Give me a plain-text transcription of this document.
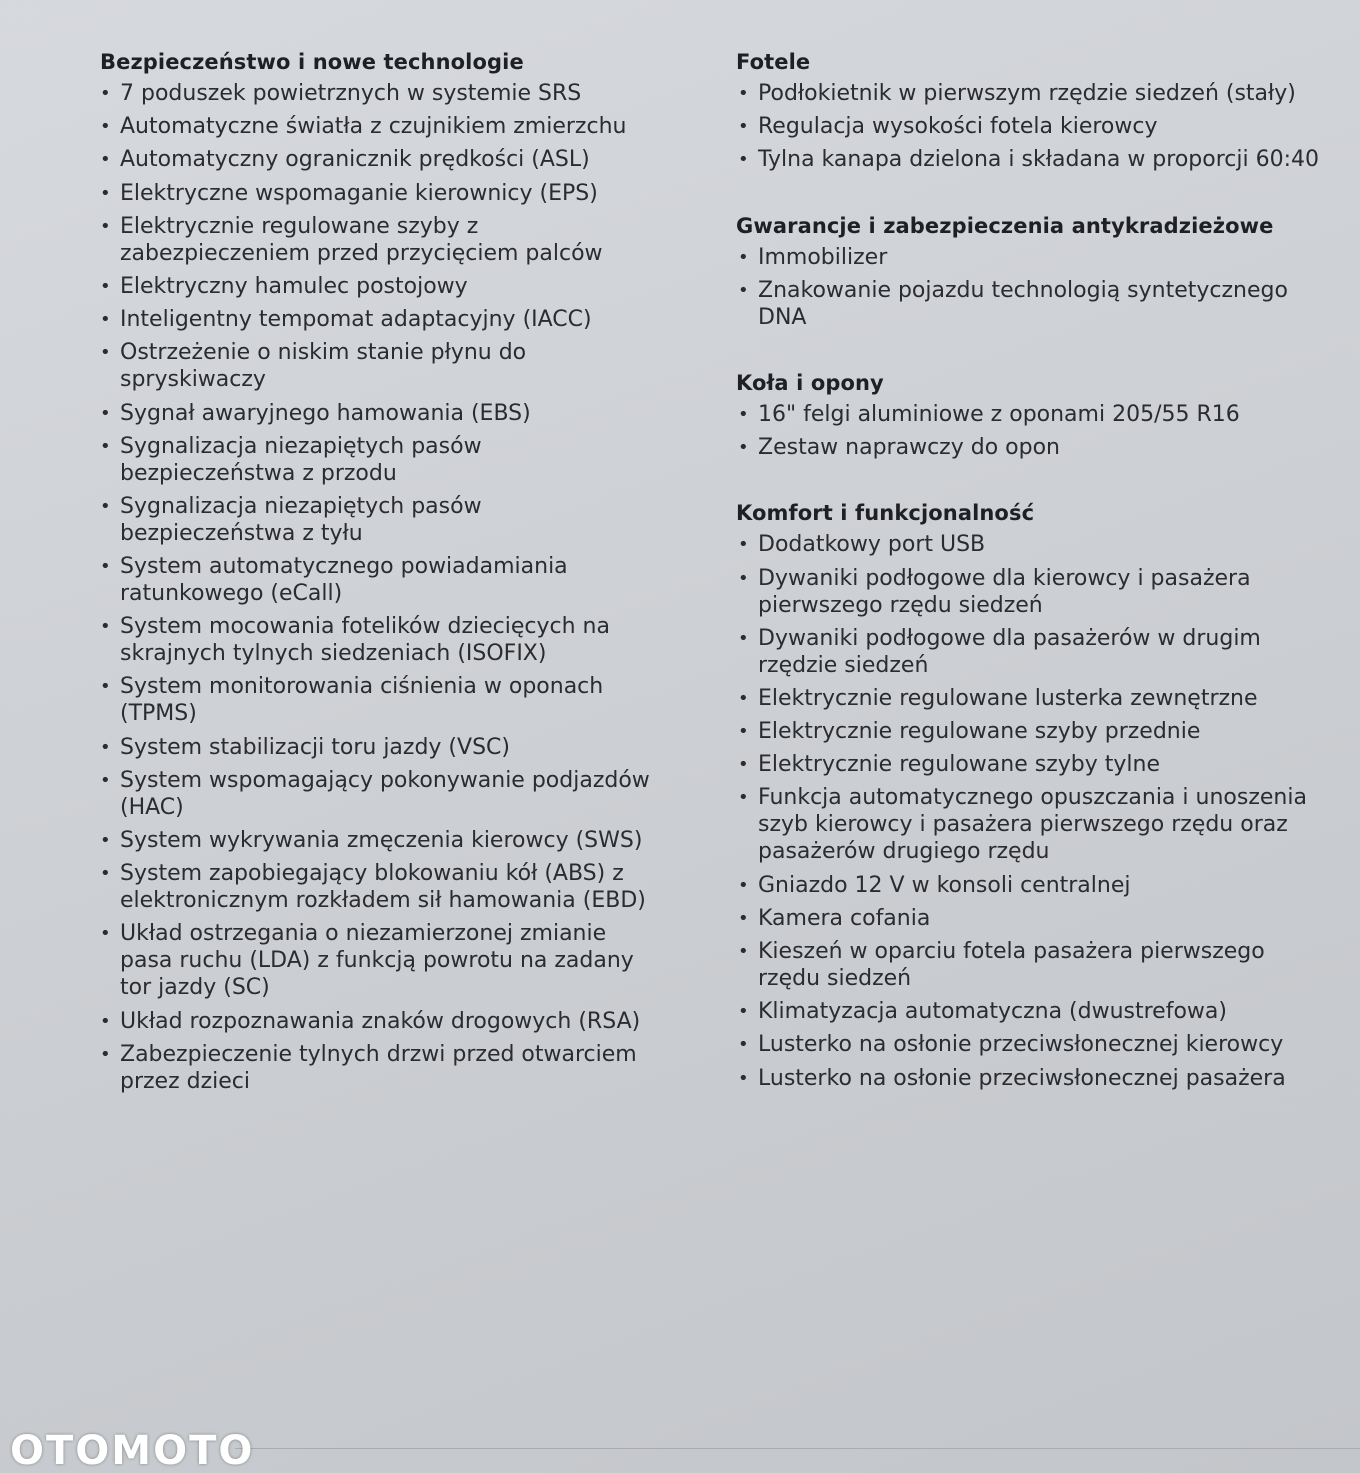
Bezpieczeństwo i nowe technologie
• 7 poduszek powietrznych w systemie SRS
• Automatyczne światła z czujnikiem zmierzchu
• Automatyczny ogranicznik prędkości (ASL)
• Elektryczne wspomaganie kierownicy (EPS)
• Elektrycznie regulowane szyby z zabezpieczeniem przed przycięciem palców
• Elektryczny hamulec postojowy
• Inteligentny tempomat adaptacyjny (IACC)
• Ostrzeżenie o niskim stanie płynu do spryskiwaczy
• Sygnał awaryjnego hamowania (EBS)
• Sygnalizacja niezapiętych pasów bezpieczeństwa z przodu
• Sygnalizacja niezapiętych pasów bezpieczeństwa z tyłu
• System automatycznego powiadamiania ratunkowego (eCall)
• System mocowania fotelików dziecięcych na skrajnych tylnych siedzeniach (ISOFIX)
• System monitorowania ciśnienia w oponach (TPMS)
• System stabilizacji toru jazdy (VSC)
• System wspomagający pokonywanie podjazdów (HAC)
• System wykrywania zmęczenia kierowcy (SWS)
• System zapobiegający blokowaniu kół (ABS) z elektronicznym rozkładem sił hamowania (EBD)
• Układ ostrzegania o niezamierzonej zmianie pasa ruchu (LDA) z funkcją powrotu na zadany tor jazdy (SC)
• Układ rozpoznawania znaków drogowych (RSA)
• Zabezpieczenie tylnych drzwi przed otwarciem przez dzieci
Fotele
• Podłokietnik w pierwszym rzędzie siedzeń (stały)
• Regulacja wysokości fotela kierowcy
• Tylna kanapa dzielona i składana w proporcji 60:40
Gwarancje i zabezpieczenia antykradzieżowe
• Immobilizer
• Znakowanie pojazdu technologią syntetycznego DNA
Koła i opony
• 16" felgi aluminiowe z oponami 205/55 R16
• Zestaw naprawczy do opon
Komfort i funkcjonalność
• Dodatkowy port USB
• Dywaniki podłogowe dla kierowcy i pasażera pierwszego rzędu siedzeń
• Dywaniki podłogowe dla pasażerów w drugim rzędzie siedzeń
• Elektrycznie regulowane lusterka zewnętrzne
• Elektrycznie regulowane szyby przednie
• Elektrycznie regulowane szyby tylne
• Funkcja automatycznego opuszczania i unoszenia szyb kierowcy i pasażera pierwszego rzędu oraz pasażerów drugiego rzędu
• Gniazdo 12 V w konsoli centralnej
• Kamera cofania
• Kieszeń w oparciu fotela pasażera pierwszego rzędu siedzeń
• Klimatyzacja automatyczna (dwustrefowa)
• Lusterko na osłonie przeciwsłonecznej kierowcy
• Lusterko na osłonie przeciwsłonecznej pasażera
OTOMOTO
